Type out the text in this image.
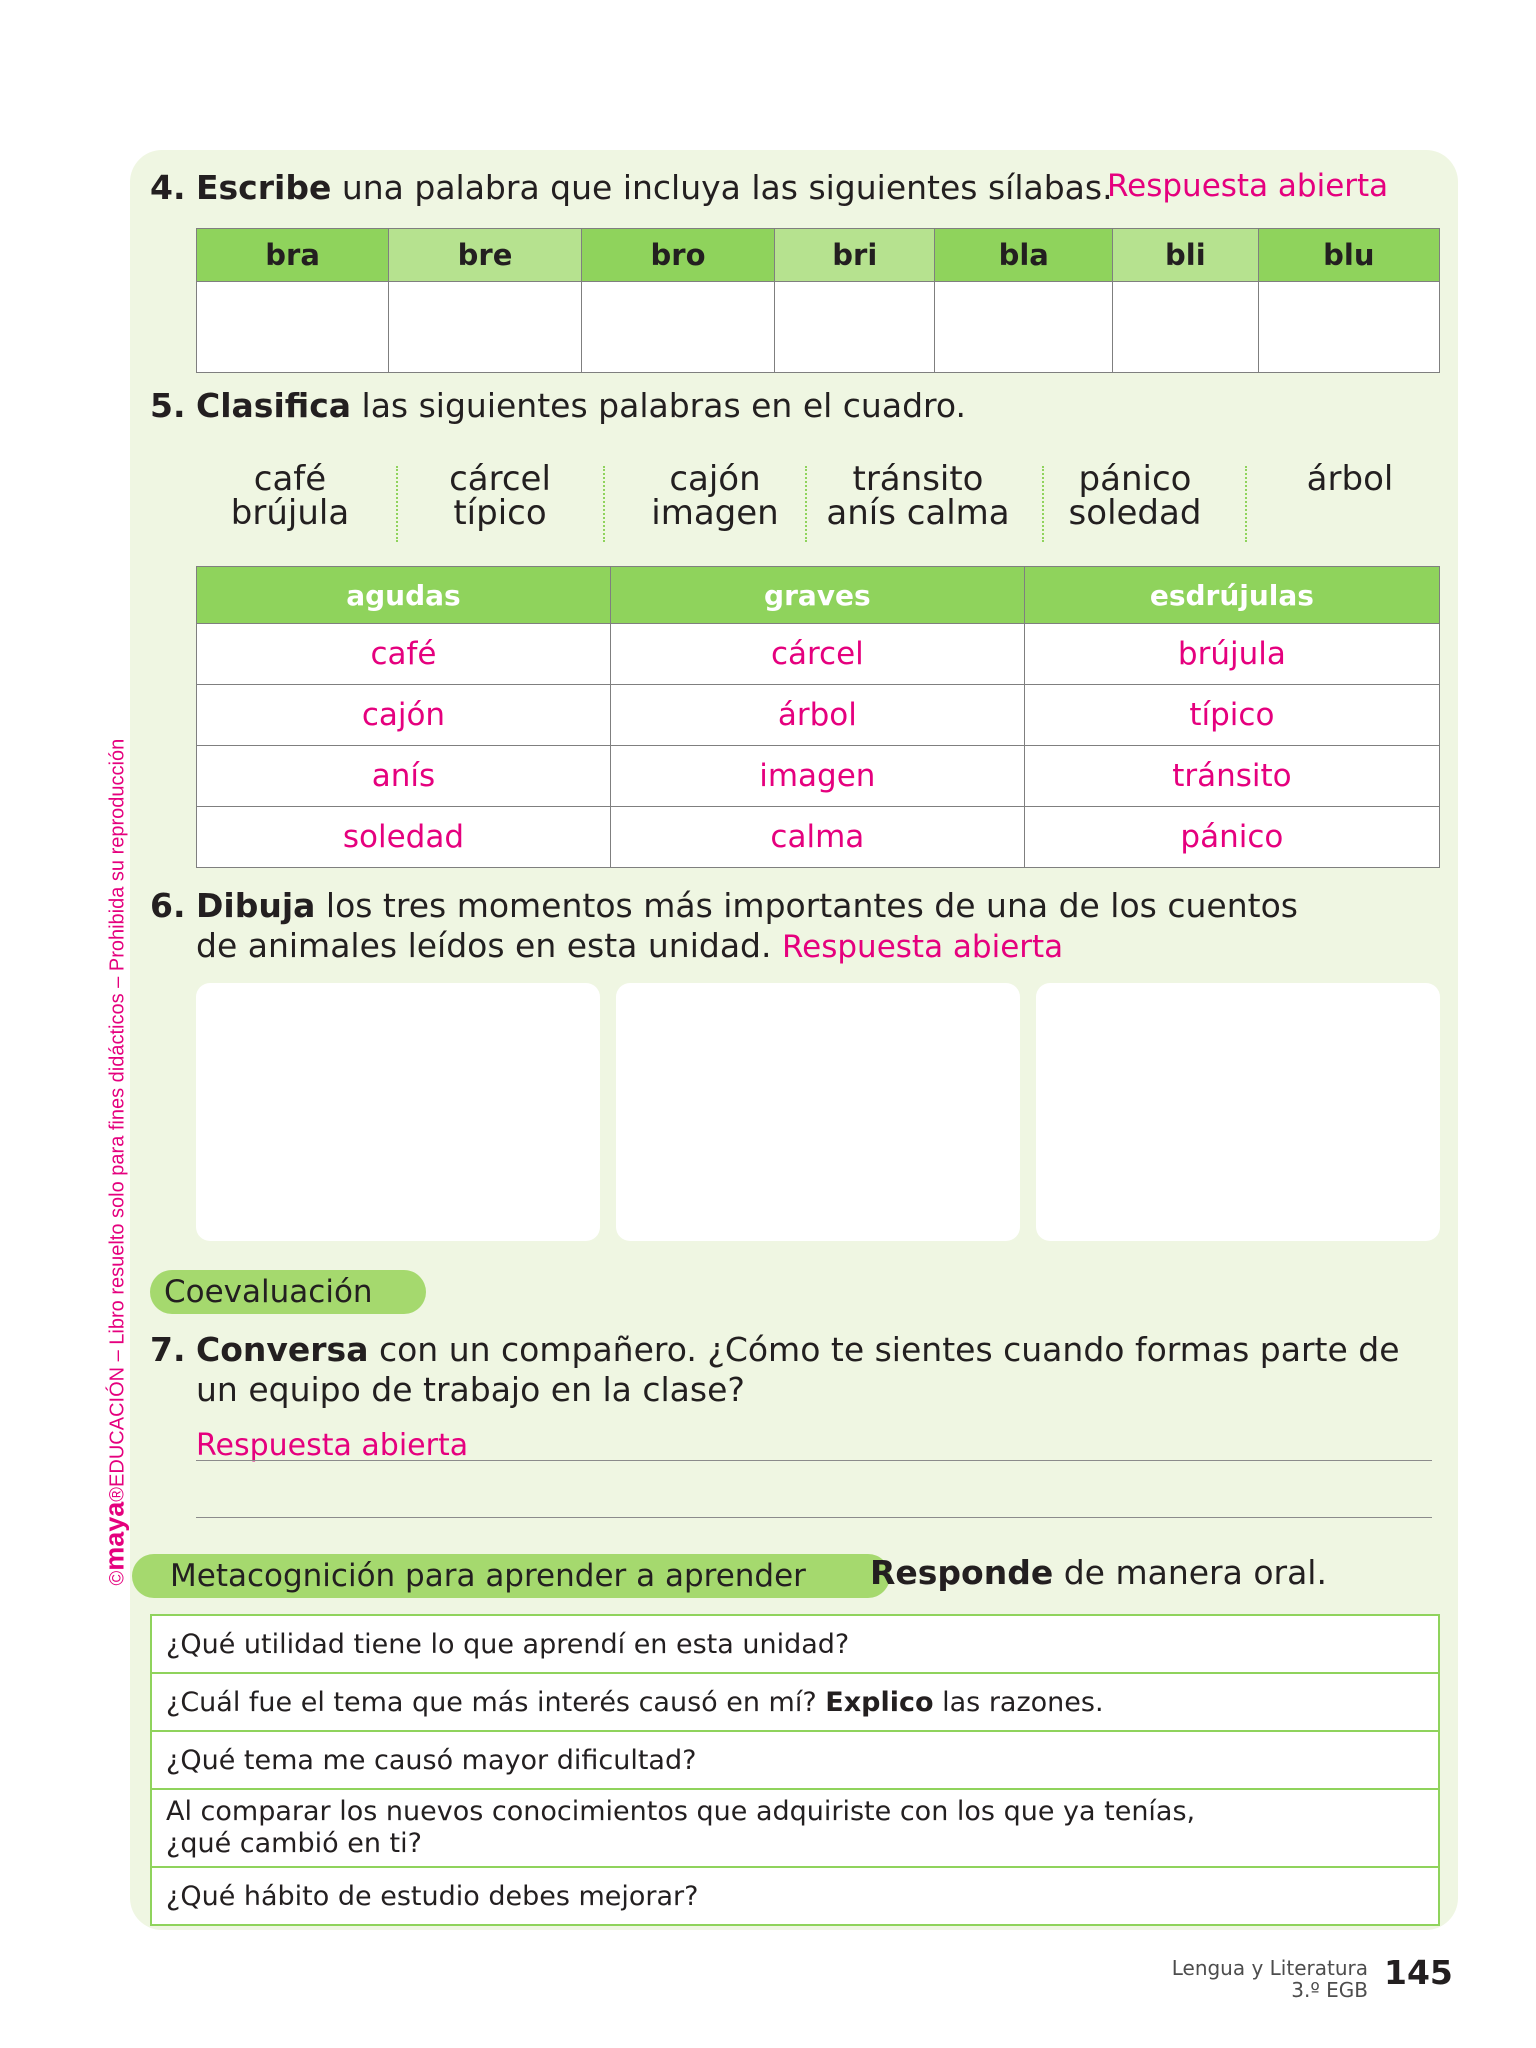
©maya®EDUCACIÓN – Libro resuelto solo para fines didácticos – Prohibida su reproducción
4. Escribe una palabra que incluya las siguientes sílabas.
Respuesta abierta
bra	bre	bro	bri	bla	bli	blu

5. Clasifica las siguientes palabras en el cuadro.
café
brújula
cárcel
típico
cajón
imagen
tránsito
anís calma
pánico
soledad
árbol
agudas	graves	esdrújulas
café	cárcel	brújula
cajón	árbol	típico
anís	imagen	tránsito
soledad	calma	pánico
6. Dibuja los tres momentos más importantes de una de los cuentos
de animales leídos en esta unidad. Respuesta abierta
Coevaluación
7. Conversa con un compañero. ¿Cómo te sientes cuando formas parte de
un equipo de trabajo en la clase?
Respuesta abierta
Metacognición para aprender a aprender	Responde de manera oral.
¿Qué utilidad tiene lo que aprendí en esta unidad?
¿Cuál fue el tema que más interés causó en mí? Explico las razones.
¿Qué tema me causó mayor dificultad?

Al comparar los nuevos conocimientos que adquiriste con los que ya tenías,
¿qué cambió en ti?

¿Qué hábito de estudio debes mejorar?
Lengua y Literatura
3.º EGB 145
